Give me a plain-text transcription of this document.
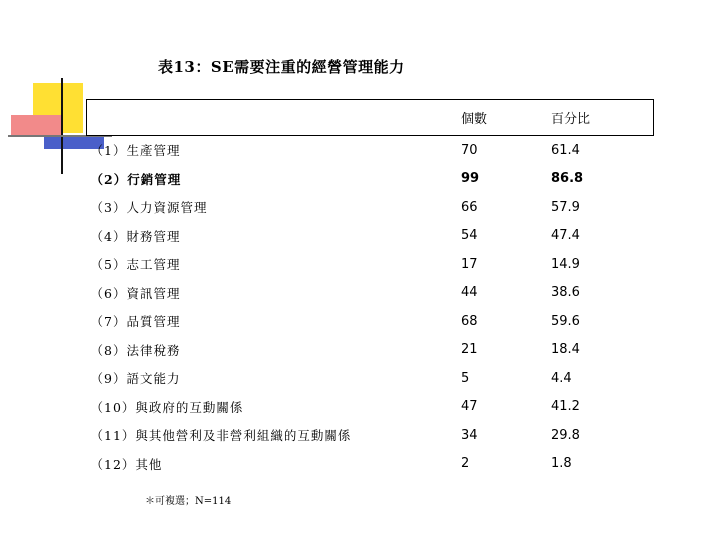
表13：SE需要注重的經營管理能力
	個數	百分比
（1）生產管理	70	61.4
（2）行銷管理	99	86.8
（3）人力資源管理	66	57.9
（4）財務管理	54	47.4
（5）志工管理	17	14.9
（6）資訊管理	44	38.6
（7）品質管理	68	59.6
（8）法律稅務	21	18.4
（9）語文能力	5	4.4
（10）與政府的互動關係	47	41.2
（11）與其他營利及非營利組織的互動關係	34	29.8
（12）其他	2	1.8
＊可複選；N=114
